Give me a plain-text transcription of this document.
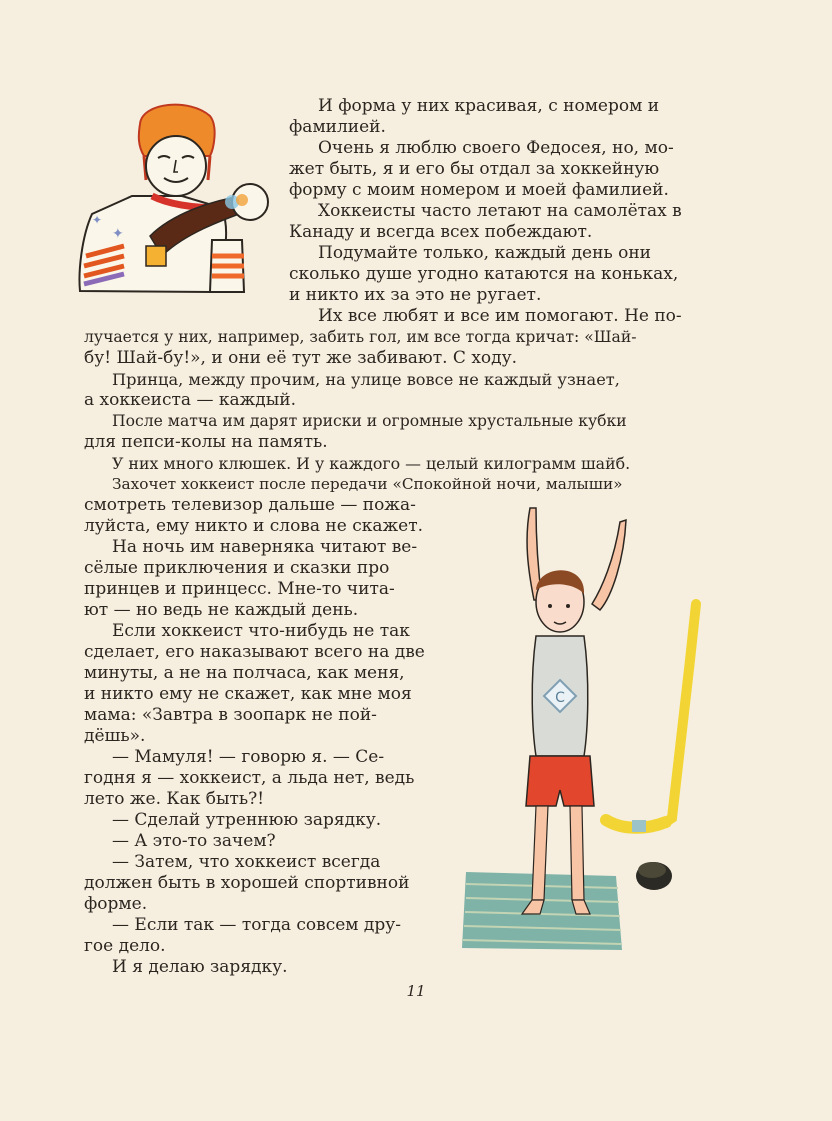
✦
✦
С
И форма у них красивая, с номером и
фамилией.
Очень я люблю своего Федосея, но, мо-
жет быть, я и его бы отдал за хоккейную
форму с моим номером и моей фамилией.
Хоккеисты часто летают на самолётах в
Канаду и всегда всех побеждают.
Подумайте только, каждый день они
сколько душе угодно катаются на коньках,
и никто их за это не ругает.
Их все любят и все им помогают. Не по-
лучается у них, например, забить гол, им все тогда кричат: «Шай-
бу! Шай-бу!», и они её тут же забивают. С ходу.
Принца, между прочим, на улице вовсе не каждый узнает,
а хоккеиста — каждый.
После матча им дарят ириски и огромные хрустальные кубки
для пепси-колы на память.
У них много клюшек. И у каждого — целый килограмм шайб.
Захочет хоккеист после передачи «Спокойной ночи, малыши»
смотреть телевизор дальше — пожа-
луйста, ему никто и слова не скажет.
На ночь им наверняка читают ве-
сёлые приключения и сказки про
принцев и принцесс. Мне-то чита-
ют — но ведь не каждый день.
Если хоккеист что-нибудь не так
сделает, его наказывают всего на две
минуты, а не на полчаса, как меня,
и никто ему не скажет, как мне моя
мама: «Завтра в зоопарк не пой-
дёшь».
— Мамуля! — говорю я. — Се-
годня я — хоккеист, а льда нет, ведь
лето же. Как быть?!
— Сделай утреннюю зарядку.
— А это-то зачем?
— Затем, что хоккеист всегда
должен быть в хорошей спортивной
форме.
— Если так — тогда совсем дру-
гое дело.
И я делаю зарядку.
11
